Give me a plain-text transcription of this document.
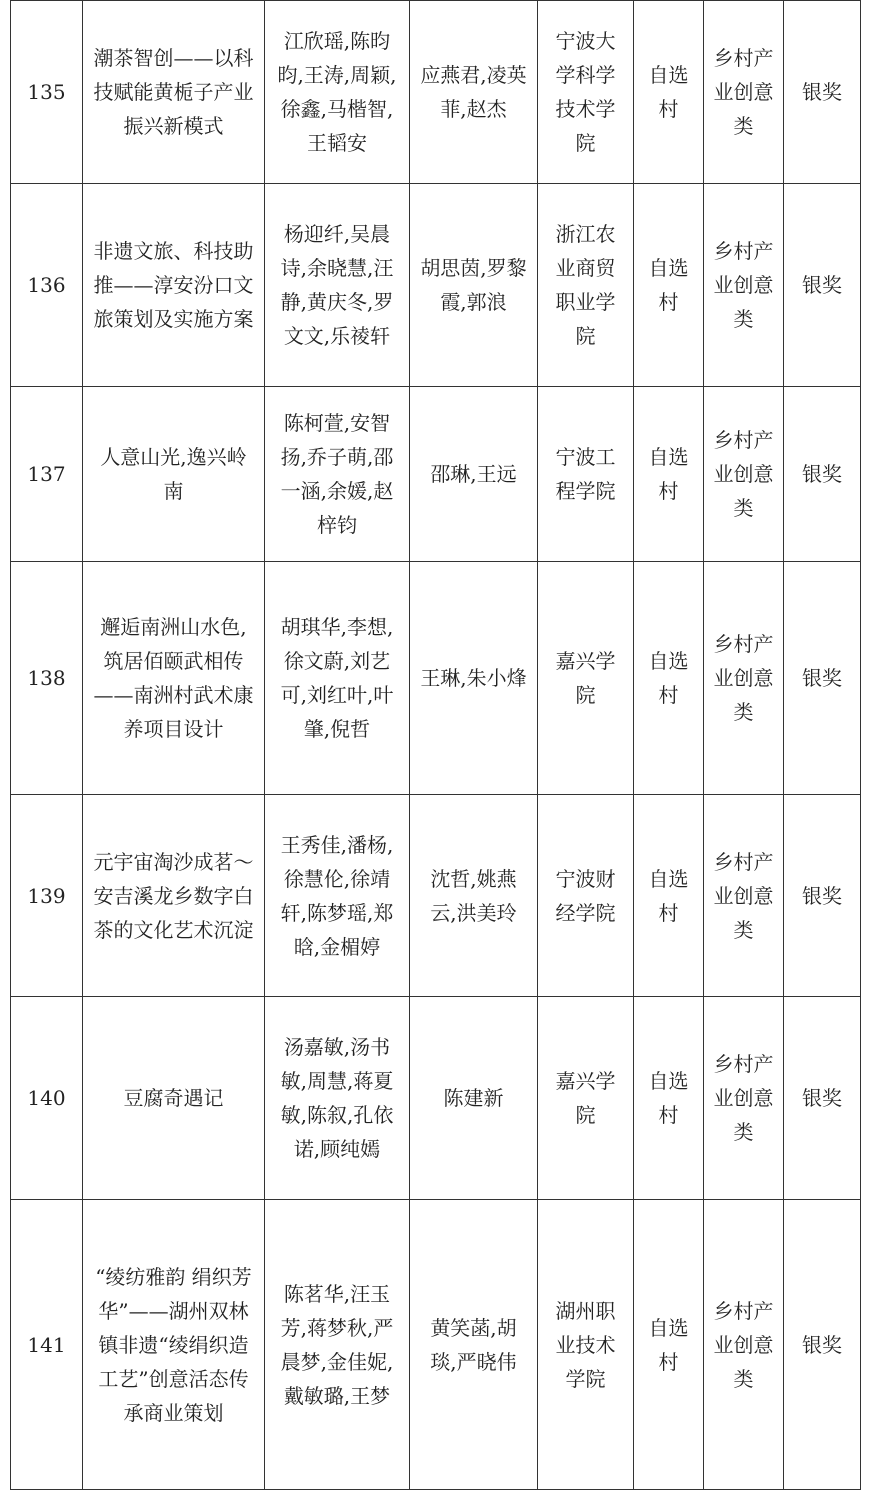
135	潮茶智创——以科技赋能黄栀子产业振兴新模式	江欣瑶,陈昀昀,王涛,周颖,徐鑫,马楷智,王韬安	应燕君,凌英菲,赵杰	宁波大学科学技术学院	自选村	乡村产业创意类	银奖
136	非遗文旅、科技助推——淳安汾口文旅策划及实施方案	杨迎纤,吴晨诗,余晓慧,汪静,黄庆冬,罗文文,乐祾轩	胡思茵,罗黎霞,郭浪	浙江农业商贸职业学院	自选村	乡村产业创意类	银奖
137	人意山光,逸兴岭南	陈柯萱,安智扬,乔子萌,邵一涵,余媛,赵梓钧	邵琳,王远	宁波工程学院	自选村	乡村产业创意类	银奖
138	邂逅南洲山水色,筑居佰颐武相传——南洲村武术康养项目设计	胡琪华,李想,徐文蔚,刘艺可,刘红叶,叶肇,倪哲	王琳,朱小烽	嘉兴学院	自选村	乡村产业创意类	银奖
139	元宇宙淘沙成茗～安吉溪龙乡数字白茶的文化艺术沉淀	王秀佳,潘杨,徐慧伦,徐靖轩,陈梦瑶,郑晗,金楣婷	沈哲,姚燕云,洪美玲	宁波财经学院	自选村	乡村产业创意类	银奖
140	豆腐奇遇记	汤嘉敏,汤书敏,周慧,蒋夏敏,陈叙,孔依诺,顾纯嫣	陈建新	嘉兴学院	自选村	乡村产业创意类	银奖
141	“绫纺雅韵 绢织芳华”——湖州双林镇非遗“绫绢织造工艺”创意活态传承商业策划	陈茗华,汪玉芳,蒋梦秋,严晨梦,金佳妮,戴敏璐,王梦	黄笑菡,胡琰,严晓伟	湖州职业技术学院	自选村	乡村产业创意类	银奖
